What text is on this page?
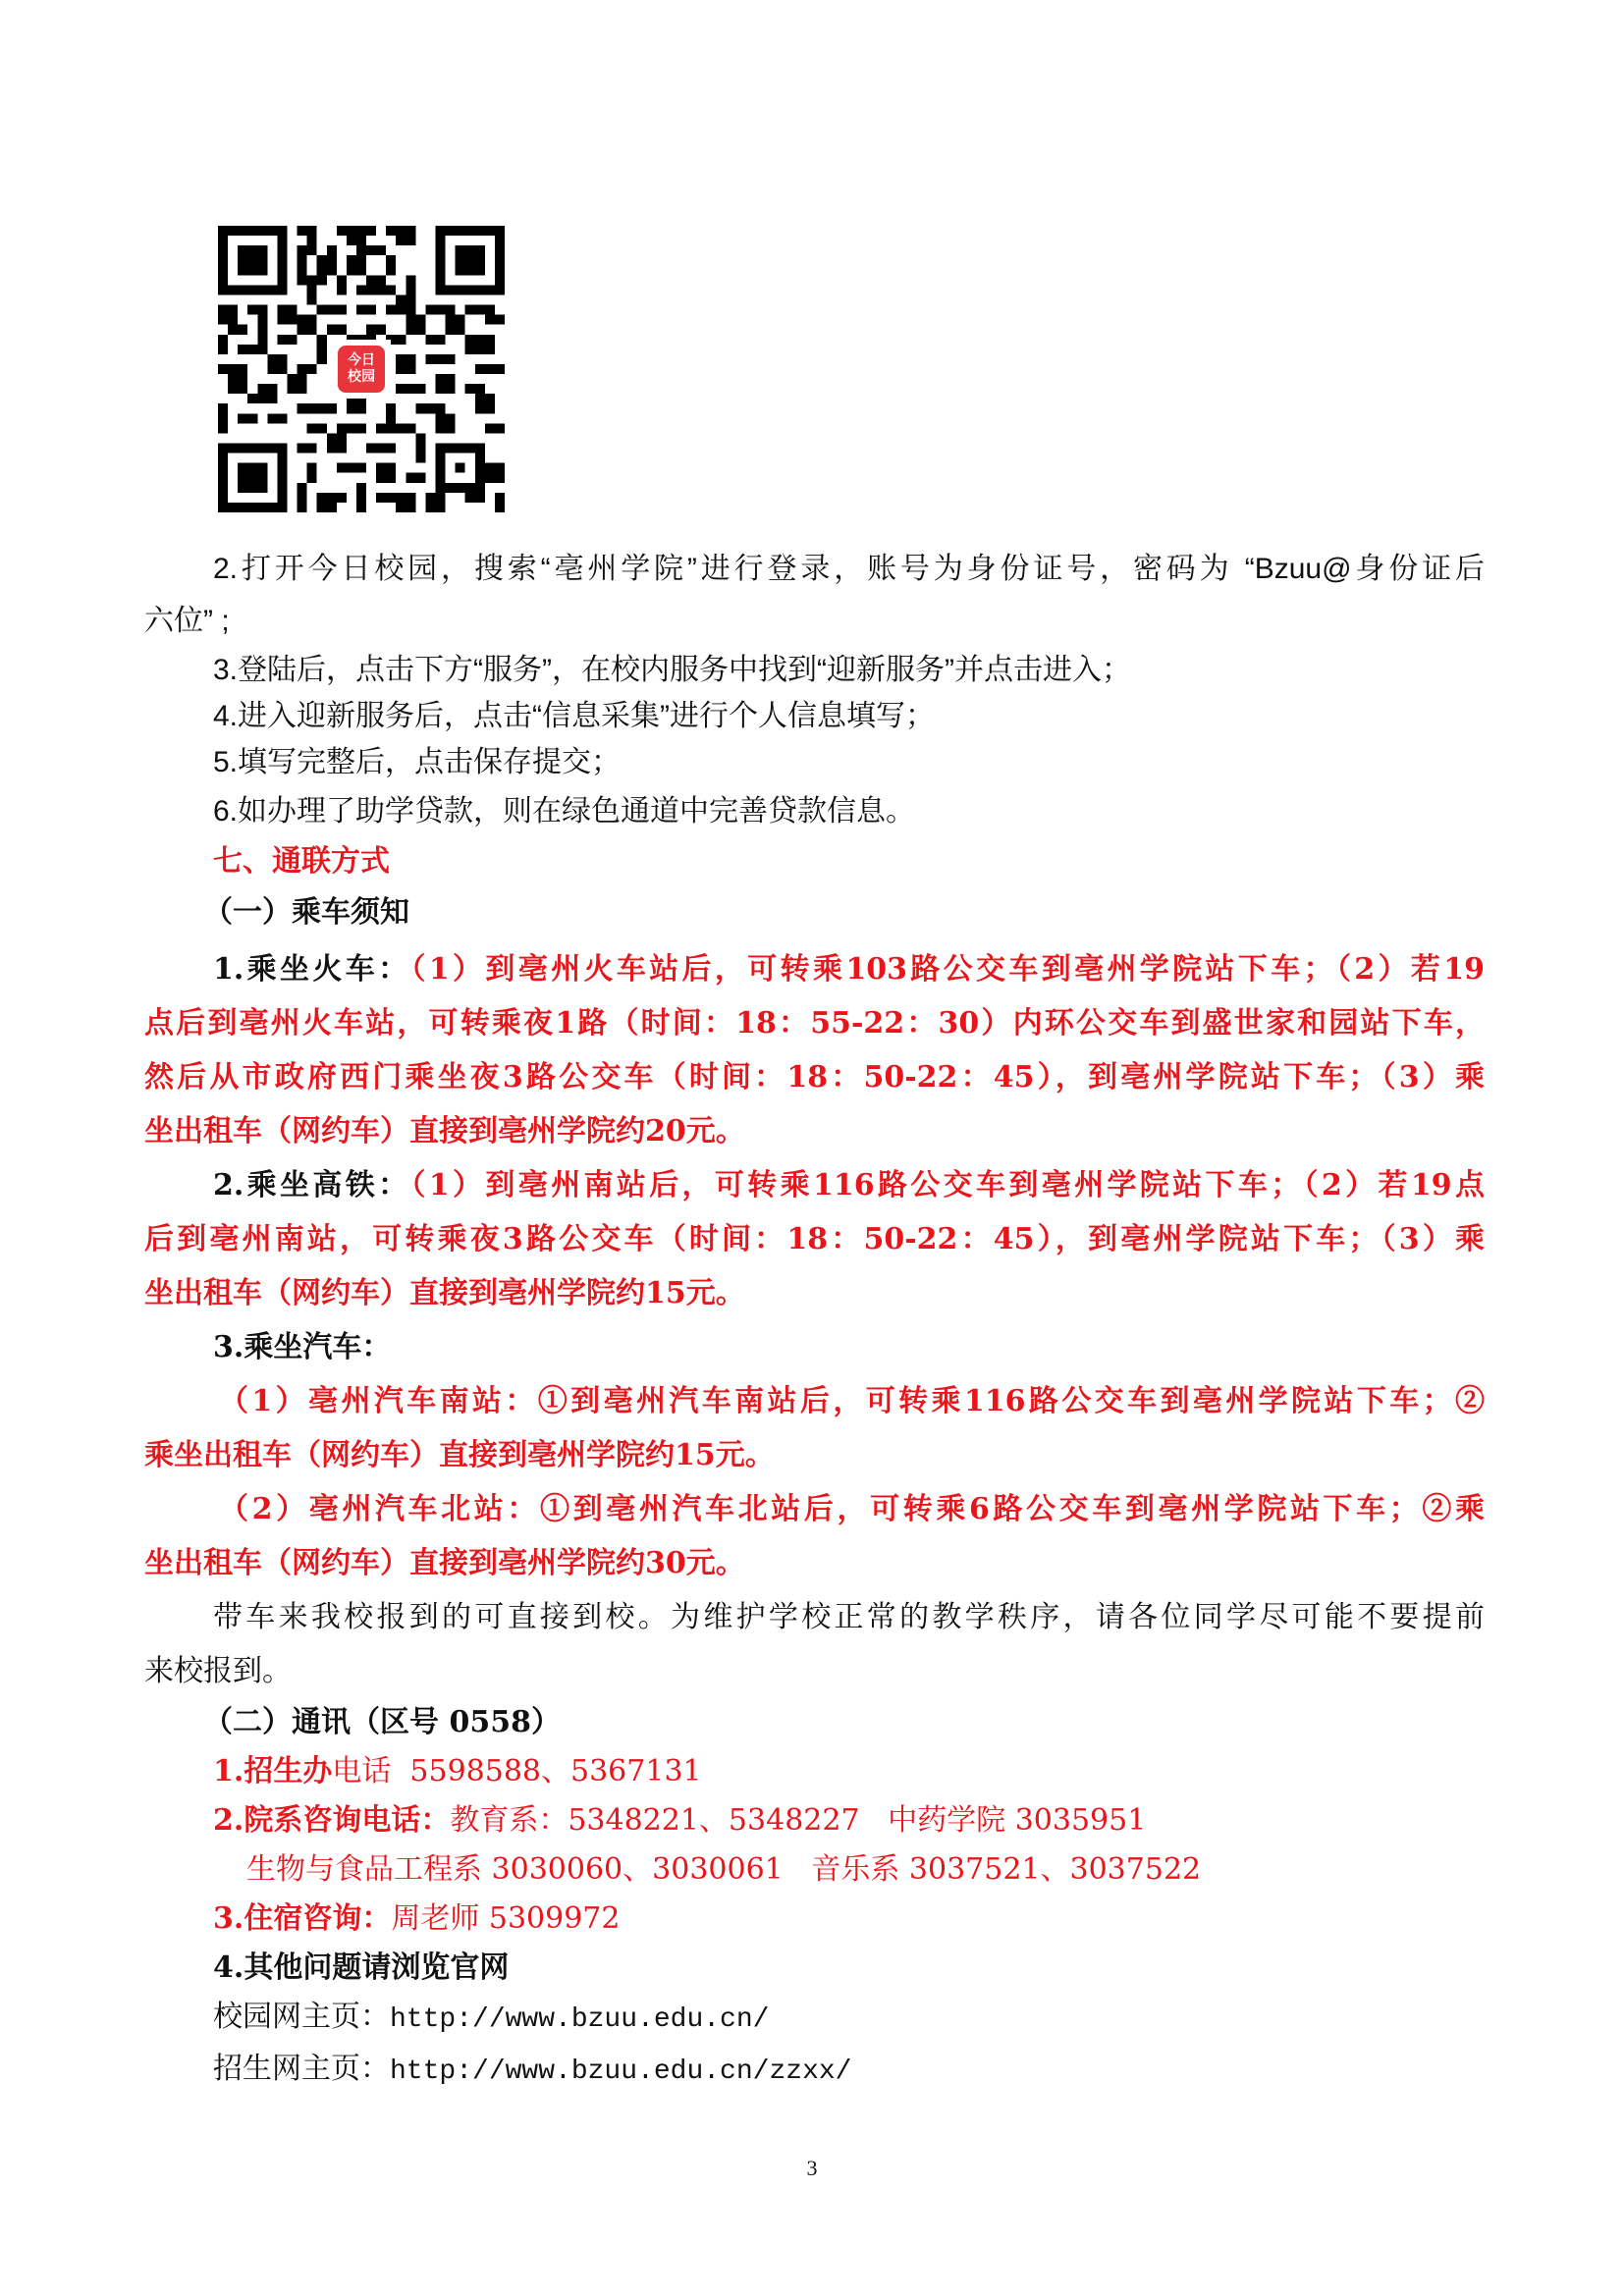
今日
校园
2.打开今日校园，搜索“亳州学院”进行登录，账号为身份证号，密码为 “Bzuu@身份证后
六位” ;
3.登陆后，点击下方“服务”，在校内服务中找到“迎新服务”并点击进入；
4.进入迎新服务后，点击“信息采集”进行个人信息填写；
5.填写完整后，点击保存提交；
6.如办理了助学贷款，则在绿色通道中完善贷款信息。
七、通联方式
（一）乘车须知
1.乘坐火车：（1）到亳州火车站后，可转乘103路公交车到亳州学院站下车；（2）若19
点后到亳州火车站，可转乘夜1路（时间：18：55-22：30）内环公交车到盛世家和园站下车，
然后从市政府西门乘坐夜3路公交车（时间：18：50-22：45），到亳州学院站下车；（3）乘
坐出租车（网约车）直接到亳州学院约20元。
2.乘坐高铁：（1）到亳州南站后，可转乘116路公交车到亳州学院站下车；（2）若19点
后到亳州南站，可转乘夜3路公交车（时间：18：50-22：45），到亳州学院站下车；（3）乘
坐出租车（网约车）直接到亳州学院约15元。
3.乘坐汽车：
（1）亳州汽车南站：①到亳州汽车南站后，可转乘116路公交车到亳州学院站下车；②
乘坐出租车（网约车）直接到亳州学院约15元。
（2）亳州汽车北站：①到亳州汽车北站后，可转乘6路公交车到亳州学院站下车；②乘
坐出租车（网约车）直接到亳州学院约30元。
带车来我校报到的可直接到校。为维护学校正常的教学秩序，请各位同学尽可能不要提前
来校报到。
（二）通讯（区号 0558）
1.招生办电话  5598588、5367131
2.院系咨询电话：教育系：5348221、5348227   中药学院 3035951
生物与食品工程系 3030060、3030061   音乐系 3037521、3037522
3.住宿咨询：周老师 5309972
4.其他问题请浏览官网
校园网主页：http://www.bzuu.edu.cn/
招生网主页：http://www.bzuu.edu.cn/zzxx/
3
